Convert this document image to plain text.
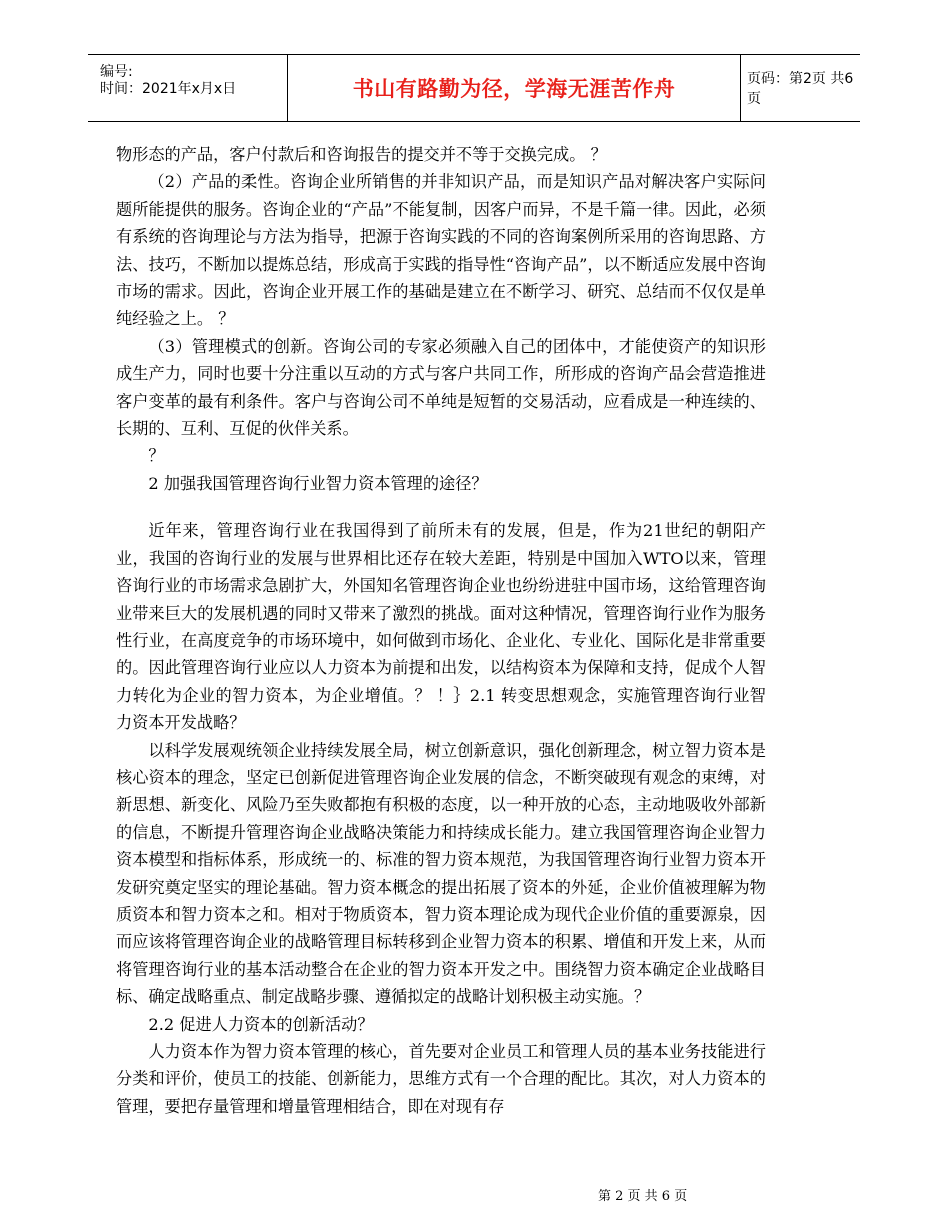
编号:
时间：2021年x月x日	书山有路勤为径，学海无涯苦作舟	页码：第2页 共6页

物形态的产品，客户付款后和咨询报告的提交并不等于交换完成。 ？

（2）产品的柔性。咨询企业所销售的并非知识产品，而是知识产品对解决客户实际问题所能提供的服务。咨询企业的“产品”不能复制，因客户而异，不是千篇一律。因此，必须有系统的咨询理论与方法为指导，把源于咨询实践的不同的咨询案例所采用的咨询思路、方法、技巧，不断加以提炼总结，形成高于实践的指导性“咨询产品”，以不断适应发展中咨询市场的需求。因此，咨询企业开展工作的基础是建立在不断学习、研究、总结而不仅仅是单纯经验之上。 ？

（3）管理模式的创新。咨询公司的专家必须融入自己的团体中，才能使资产的知识形成生产力，同时也要十分注重以互动的方式与客户共同工作，所形成的咨询产品会营造推进客户变革的最有利条件。客户与咨询公司不单纯是短暂的交易活动，应看成是一种连续的、长期的、互利、互促的伙伴关系。

？

2 加强我国管理咨询行业智力资本管理的途径？

近年来，管理咨询行业在我国得到了前所未有的发展，但是，作为21世纪的朝阳产业，我国的咨询行业的发展与世界相比还存在较大差距，特别是中国加入WTO以来，管理咨询行业的市场需求急剧扩大，外国知名管理咨询企业也纷纷进驻中国市场，这给管理咨询业带来巨大的发展机遇的同时又带来了激烈的挑战。面对这种情况，管理咨询行业作为服务性行业，在高度竞争的市场环境中，如何做到市场化、企业化、专业化、国际化是非常重要的。因此管理咨询行业应以人力资本为前提和出发，以结构资本为保障和支持，促成个人智力转化为企业的智力资本，为企业增值。？ ！｝2.1 转变思想观念，实施管理咨询行业智力资本开发战略？

以科学发展观统领企业持续发展全局，树立创新意识，强化创新理念，树立智力资本是核心资本的理念，坚定已创新促进管理咨询企业发展的信念，不断突破现有观念的束缚，对新思想、新变化、风险乃至失败都抱有积极的态度，以一种开放的心态，主动地吸收外部新的信息，不断提升管理咨询企业战略决策能力和持续成长能力。建立我国管理咨询企业智力资本模型和指标体系，形成统一的、标准的智力资本规范，为我国管理咨询行业智力资本开发研究奠定坚实的理论基础。智力资本概念的提出拓展了资本的外延，企业价值被理解为物质资本和智力资本之和。相对于物质资本，智力资本理论成为现代企业价值的重要源泉，因而应该将管理咨询企业的战略管理目标转移到企业智力资本的积累、增值和开发上来，从而将管理咨询行业的基本活动整合在企业的智力资本开发之中。围绕智力资本确定企业战略目标、确定战略重点、制定战略步骤、遵循拟定的战略计划积极主动实施。？

2.2 促进人力资本的创新活动？

人力资本作为智力资本管理的核心，首先要对企业员工和管理人员的基本业务技能进行分类和评价，使员工的技能、创新能力，思维方式有一个合理的配比。其次，对人力资本的管理，要把存量管理和增量管理相结合，即在对现有存

第 2 页 共 6 页
